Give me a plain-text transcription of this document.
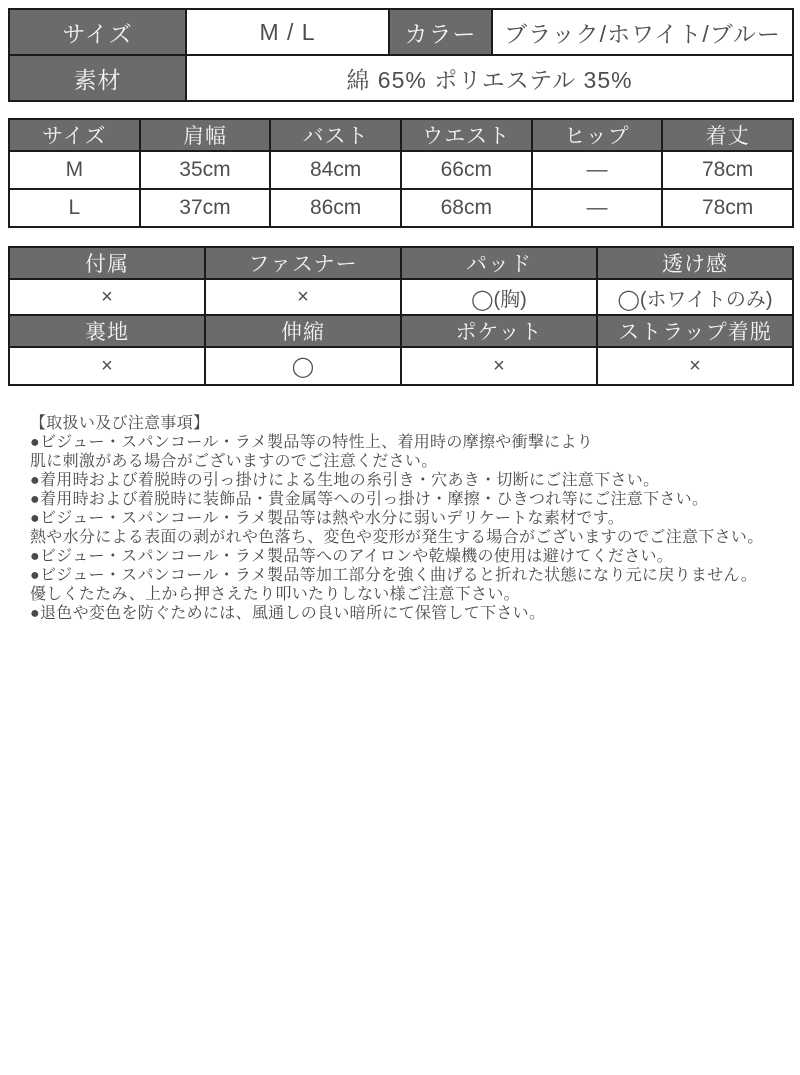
サイズ	M / L	カラー	ブラック/ホワイト/ブルー
素材	綿 65% ポリエステル 35%		
サイズ	肩幅	バスト	ウエスト	ヒップ	着丈
M	35cm	84cm	66cm	—	78cm
L	37cm	86cm	68cm	—	78cm
付属	ファスナー	パッド	透け感
×	×	◯(胸)	◯(ホワイトのみ)
裏地	伸縮	ポケット	ストラップ着脱
×	◯	×	×
【取扱い及び注意事項】
●ビジュー・スパンコール・ラメ製品等の特性上、着用時の摩擦や衝撃により
肌に刺激がある場合がございますのでご注意ください。
●着用時および着脱時の引っ掛けによる生地の糸引き・穴あき・切断にご注意下さい。
●着用時および着脱時に装飾品・貴金属等への引っ掛け・摩擦・ひきつれ等にご注意下さい。
●ビジュー・スパンコール・ラメ製品等は熱や水分に弱いデリケートな素材です。
熱や水分による表面の剥がれや色落ち、変色や変形が発生する場合がございますのでご注意下さい。
●ビジュー・スパンコール・ラメ製品等へのアイロンや乾燥機の使用は避けてください。
●ビジュー・スパンコール・ラメ製品等加工部分を強く曲げると折れた状態になり元に戻りません。
優しくたたみ、上から押さえたり叩いたりしない様ご注意下さい。
●退色や変色を防ぐためには、風通しの良い暗所にて保管して下さい。
